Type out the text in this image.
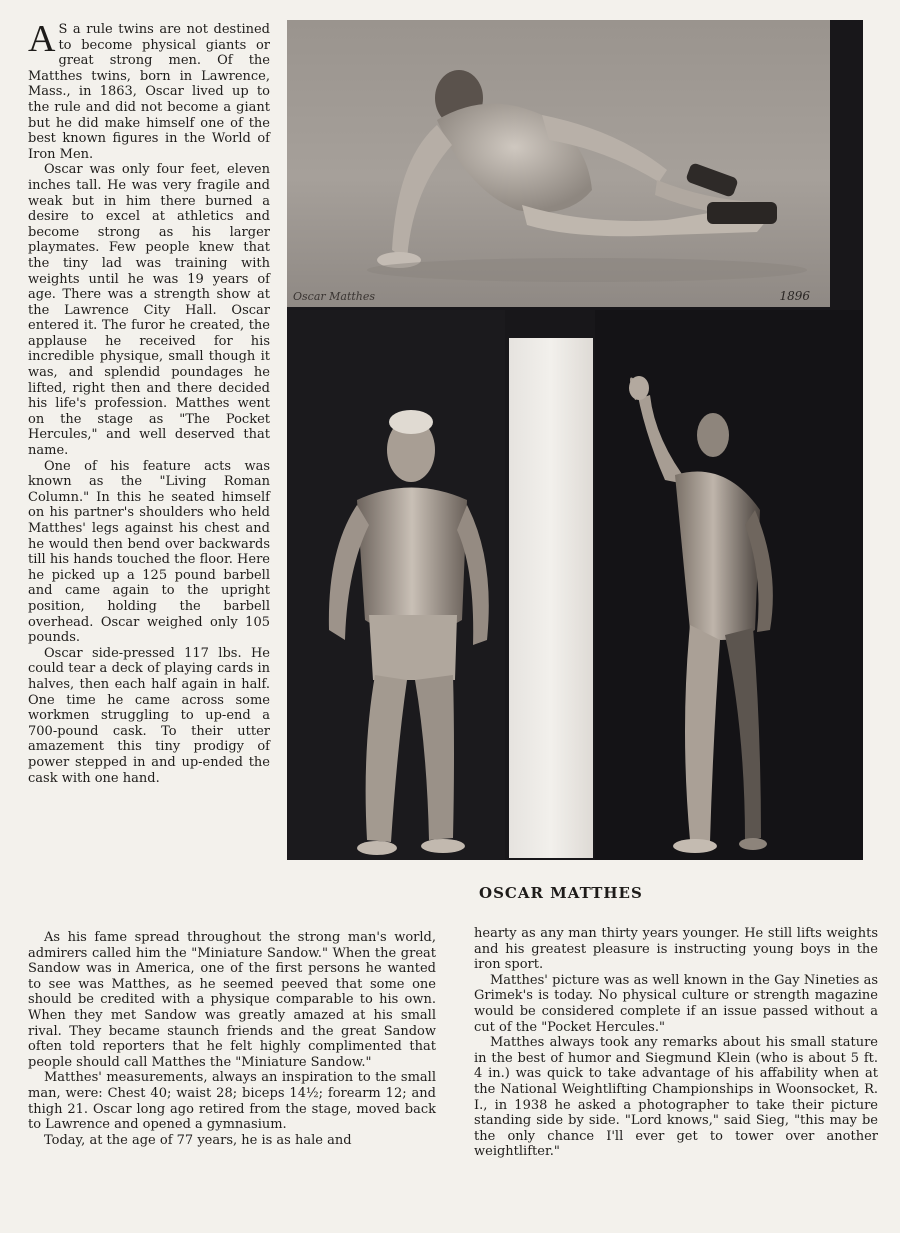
A S a rule twins are not destined to become physical giants or great strong men. Of the Matthes twins, born in Lawrence, Mass., in 1863, Oscar lived up to the rule and did not become a giant but he did make himself one of the best known figures in the World of Iron Men.

Oscar was only four feet, eleven inches tall. He was very fragile and weak but in him there burned a desire to excel at athletics and become strong as his larger playmates. Few people knew that the tiny lad was training with weights until he was 19 years of age. There was a strength show at the Lawrence City Hall. Oscar entered it. The furor he created, the applause he received for his incredible physique, small though it was, and splendid poundages he lifted, right then and there decided his life's profession. Matthes went on the stage as "The Pocket Hercules," and well deserved that name.

One of his feature acts was known as the "Living Roman Column." In this he seated himself on his partner's shoulders who held Matthes' legs against his chest and he would then bend over backwards till his hands touched the floor. Here he picked up a 125 pound barbell and came again to the upright position, holding the barbell overhead. Oscar weighed only 105 pounds.

Oscar side-pressed 117 lbs. He could tear a deck of playing cards in halves, then each half again in half. One time he came across some workmen struggling to up-end a 700-pound cask. To their utter amazement this tiny prodigy of power stepped in and up-ended the cask with one hand.

Oscar Matthes	1896
OSCAR MATTHES

As his fame spread throughout the strong man's world, admirers called him the "Miniature Sandow." When the great Sandow was in America, one of the first persons he wanted to see was Matthes, as he seemed peeved that some one should be credited with a physique comparable to his own. When they met Sandow was greatly amazed at his small rival. They became staunch friends and the great Sandow often told reporters that he felt highly complimented that people should call Matthes the "Miniature Sandow."

Matthes' measurements, always an inspiration to the small man, were: Chest 40; waist 28; biceps 14½; forearm 12; and thigh 21. Oscar long ago retired from the stage, moved back to Lawrence and opened a gymnasium.

Today, at the age of 77 years, he is as hale and

hearty as any man thirty years younger. He still lifts weights and his greatest pleasure is instructing young boys in the iron sport.

Matthes' picture was as well known in the Gay Nineties as Grimek's is today. No physical culture or strength magazine would be considered complete if an issue passed without a cut of the "Pocket Hercules."

Matthes always took any remarks about his small stature in the best of humor and Siegmund Klein (who is about 5 ft. 4 in.) was quick to take advantage of his affability when at the National Weightlifting Championships in Woonsocket, R. I., in 1938 he asked a photographer to take their picture standing side by side. "Lord knows," said Sieg, "this may be the only chance I'll ever get to tower over another weightlifter."
